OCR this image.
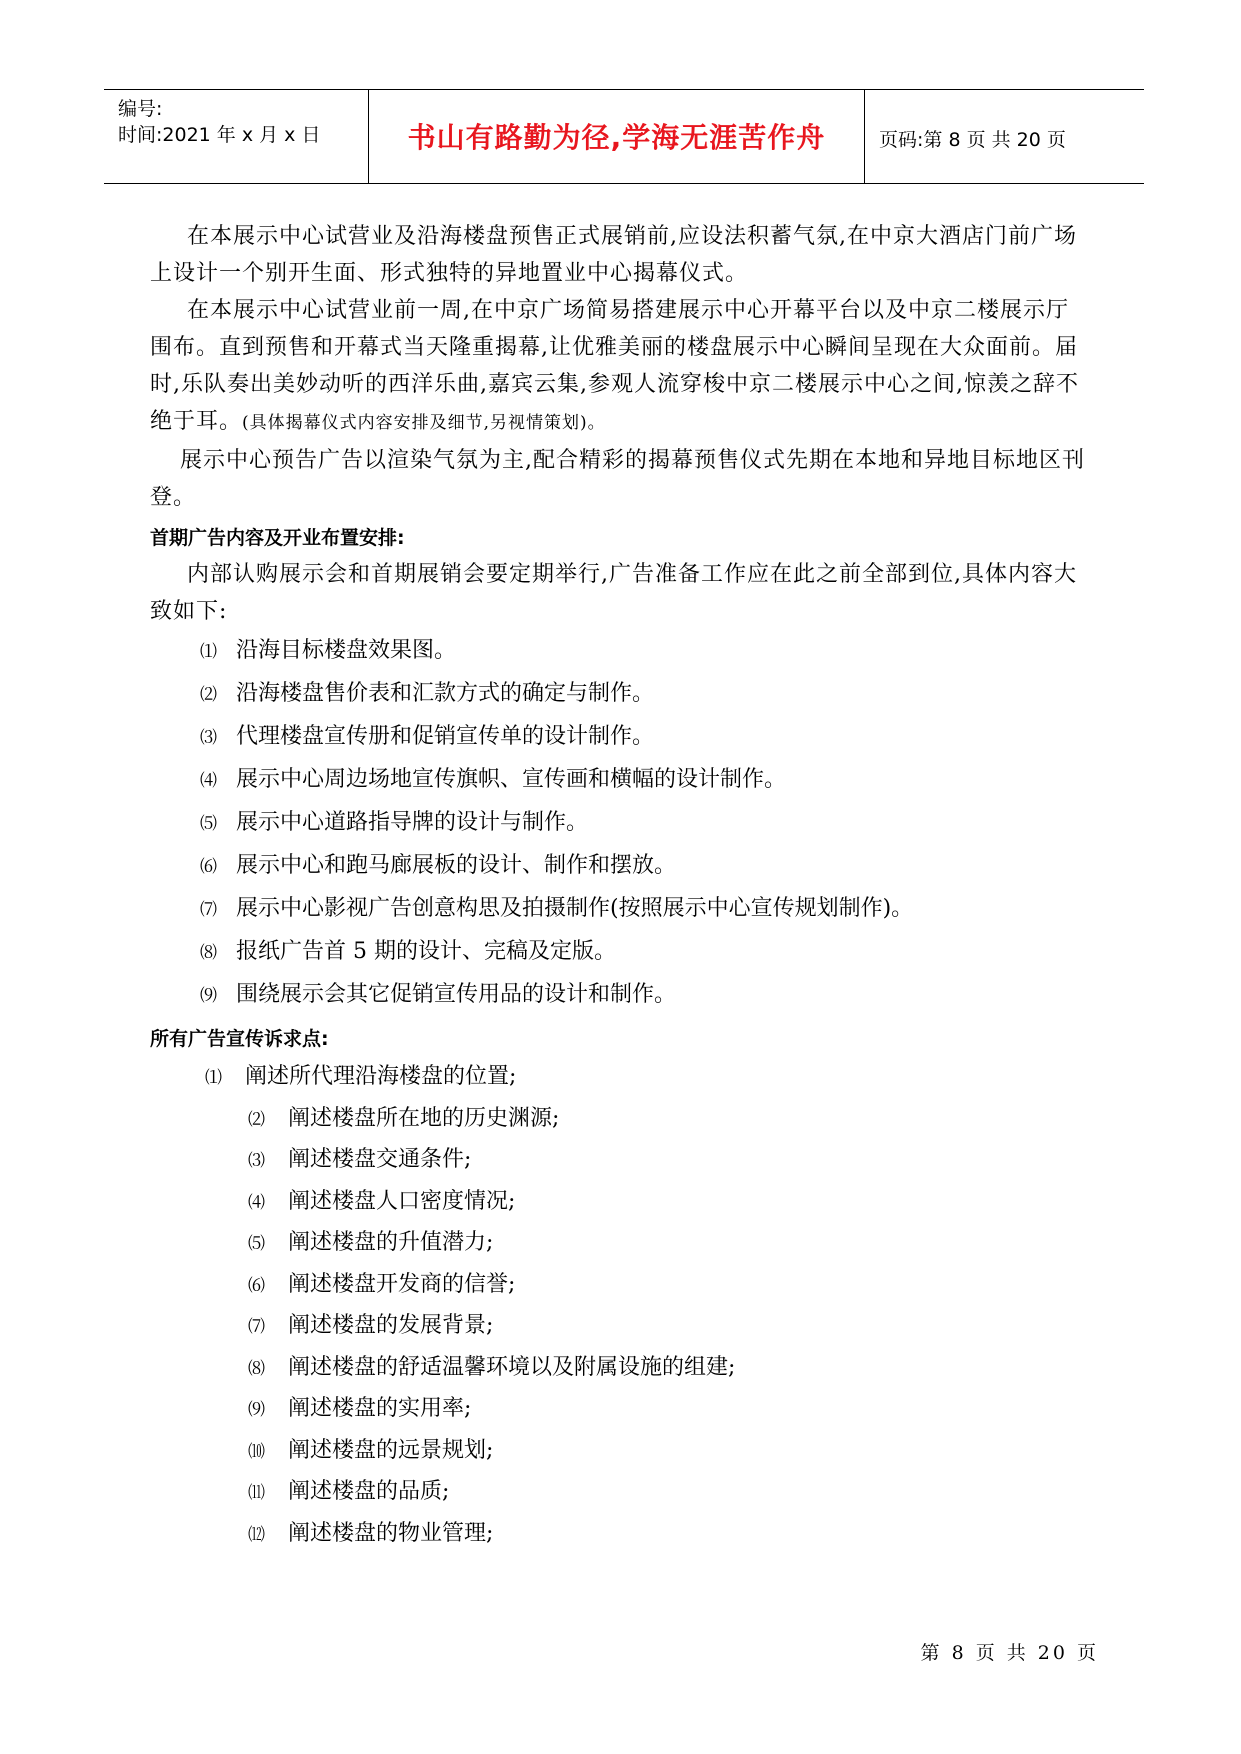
编号:
时间:2021 年 x 月 x 日	书山有路勤为径,学海无涯苦作舟	页码:第 8 页 共 20 页

在本展示中心试营业及沿海楼盘预售正式展销前,应设法积蓄气氛,在中京大酒店门前广场上设计一个别开生面、形式独特的异地置业中心揭幕仪式。

在本展示中心试营业前一周,在中京广场简易搭建展示中心开幕平台以及中京二楼展示厅围布。直到预售和开幕式当天隆重揭幕,让优雅美丽的楼盘展示中心瞬间呈现在大众面前。届时,乐队奏出美妙动听的西洋乐曲,嘉宾云集,参观人流穿梭中京二楼展示中心之间,惊羡之辞不绝于耳。(具体揭幕仪式内容安排及细节,另视情策划)。

展示中心预告广告以渲染气氛为主,配合精彩的揭幕预售仪式先期在本地和异地目标地区刊登。

首期广告内容及开业布置安排:

内部认购展示会和首期展销会要定期举行,广告准备工作应在此之前全部到位,具体内容大致如下:

⑴ 沿海目标楼盘效果图。
⑵ 沿海楼盘售价表和汇款方式的确定与制作。
⑶ 代理楼盘宣传册和促销宣传单的设计制作。
⑷ 展示中心周边场地宣传旗帜、宣传画和横幅的设计制作。
⑸ 展示中心道路指导牌的设计与制作。
⑹ 展示中心和跑马廊展板的设计、制作和摆放。
⑺ 展示中心影视广告创意构思及拍摄制作(按照展示中心宣传规划制作)。
⑻ 报纸广告首 5 期的设计、完稿及定版。
⑼ 围绕展示会其它促销宣传用品的设计和制作。
所有广告宣传诉求点:
⑴ 阐述所代理沿海楼盘的位置;
⑵ 阐述楼盘所在地的历史渊源;
⑶ 阐述楼盘交通条件;
⑷ 阐述楼盘人口密度情况;
⑸ 阐述楼盘的升值潜力;
⑹ 阐述楼盘开发商的信誉;
⑺ 阐述楼盘的发展背景;
⑻ 阐述楼盘的舒适温馨环境以及附属设施的组建;
⑼ 阐述楼盘的实用率;
⑽ 阐述楼盘的远景规划;
⑾ 阐述楼盘的品质;
⑿ 阐述楼盘的物业管理;
第 8 页 共 20 页
